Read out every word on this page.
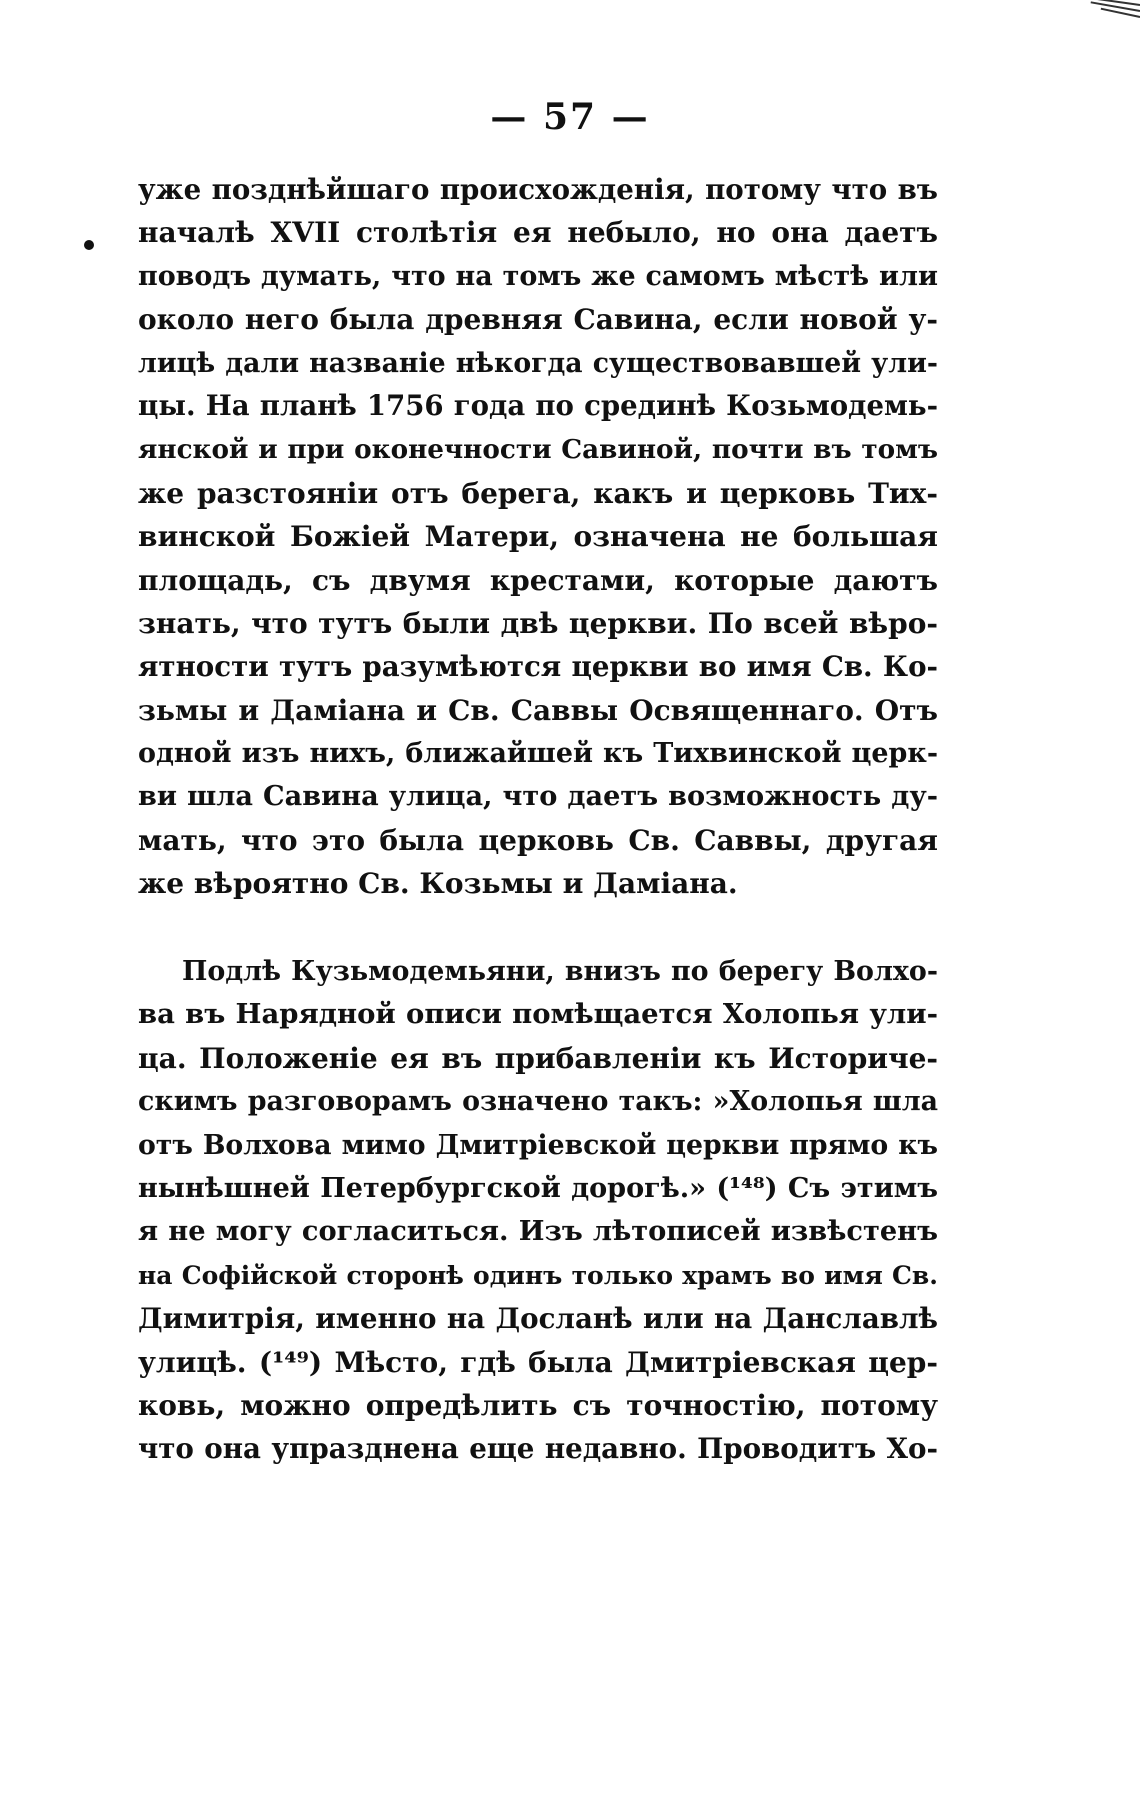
— 57 —
уже позднѣйшаго происхожденія, потому что въ
началѣ XVII столѣтія ея небыло, но она даетъ
поводъ думать, что на томъ же самомъ мѣстѣ или
около него была древняя Савина, если новой у-
лицѣ дали названіе нѣкогда существовавшей ули-
цы. На планѣ 1756 года по срединѣ Козьмодемь-
янской и при оконечности Савиной, почти въ томъ
же разстояніи отъ берега, какъ и церковь Тих-
винской Божіей Матери, означена не большая
площадь, съ двумя крестами, которые даютъ
знать, что тутъ были двѣ церкви. По всей вѣро-
ятности тутъ разумѣются церкви во имя Св. Ко-
зьмы и Даміана и Св. Саввы Освященнаго. Отъ
одной изъ нихъ, ближайшей къ Тихвинской церк-
ви шла Савина улица, что даетъ возможность ду-
мать, что это была церковь Св. Саввы, другая
же вѣроятно Св. Козьмы и Даміана.
Подлѣ Кузьмодемьяни, внизъ по берегу Волхо-
ва въ Нарядной описи помѣщается Холопья ули-
ца. Положеніе ея въ прибавленіи къ Историче-
скимъ разговорамъ означено такъ: »Холопья шла
отъ Волхова мимо Дмитріевской церкви прямо къ
нынѣшней Петербургской дорогѣ.» (¹⁴⁸) Съ этимъ
я не могу согласиться. Изъ лѣтописей извѣстенъ
на Софійской сторонѣ одинъ только храмъ во имя Св.
Димитрія, именно на Досланѣ или на Данславлѣ
улицѣ. (¹⁴⁹) Мѣсто, гдѣ была Дмитріевская цер-
ковь, можно опредѣлить съ точностію, потому
что она упразднена еще недавно. Проводитъ Хо-
